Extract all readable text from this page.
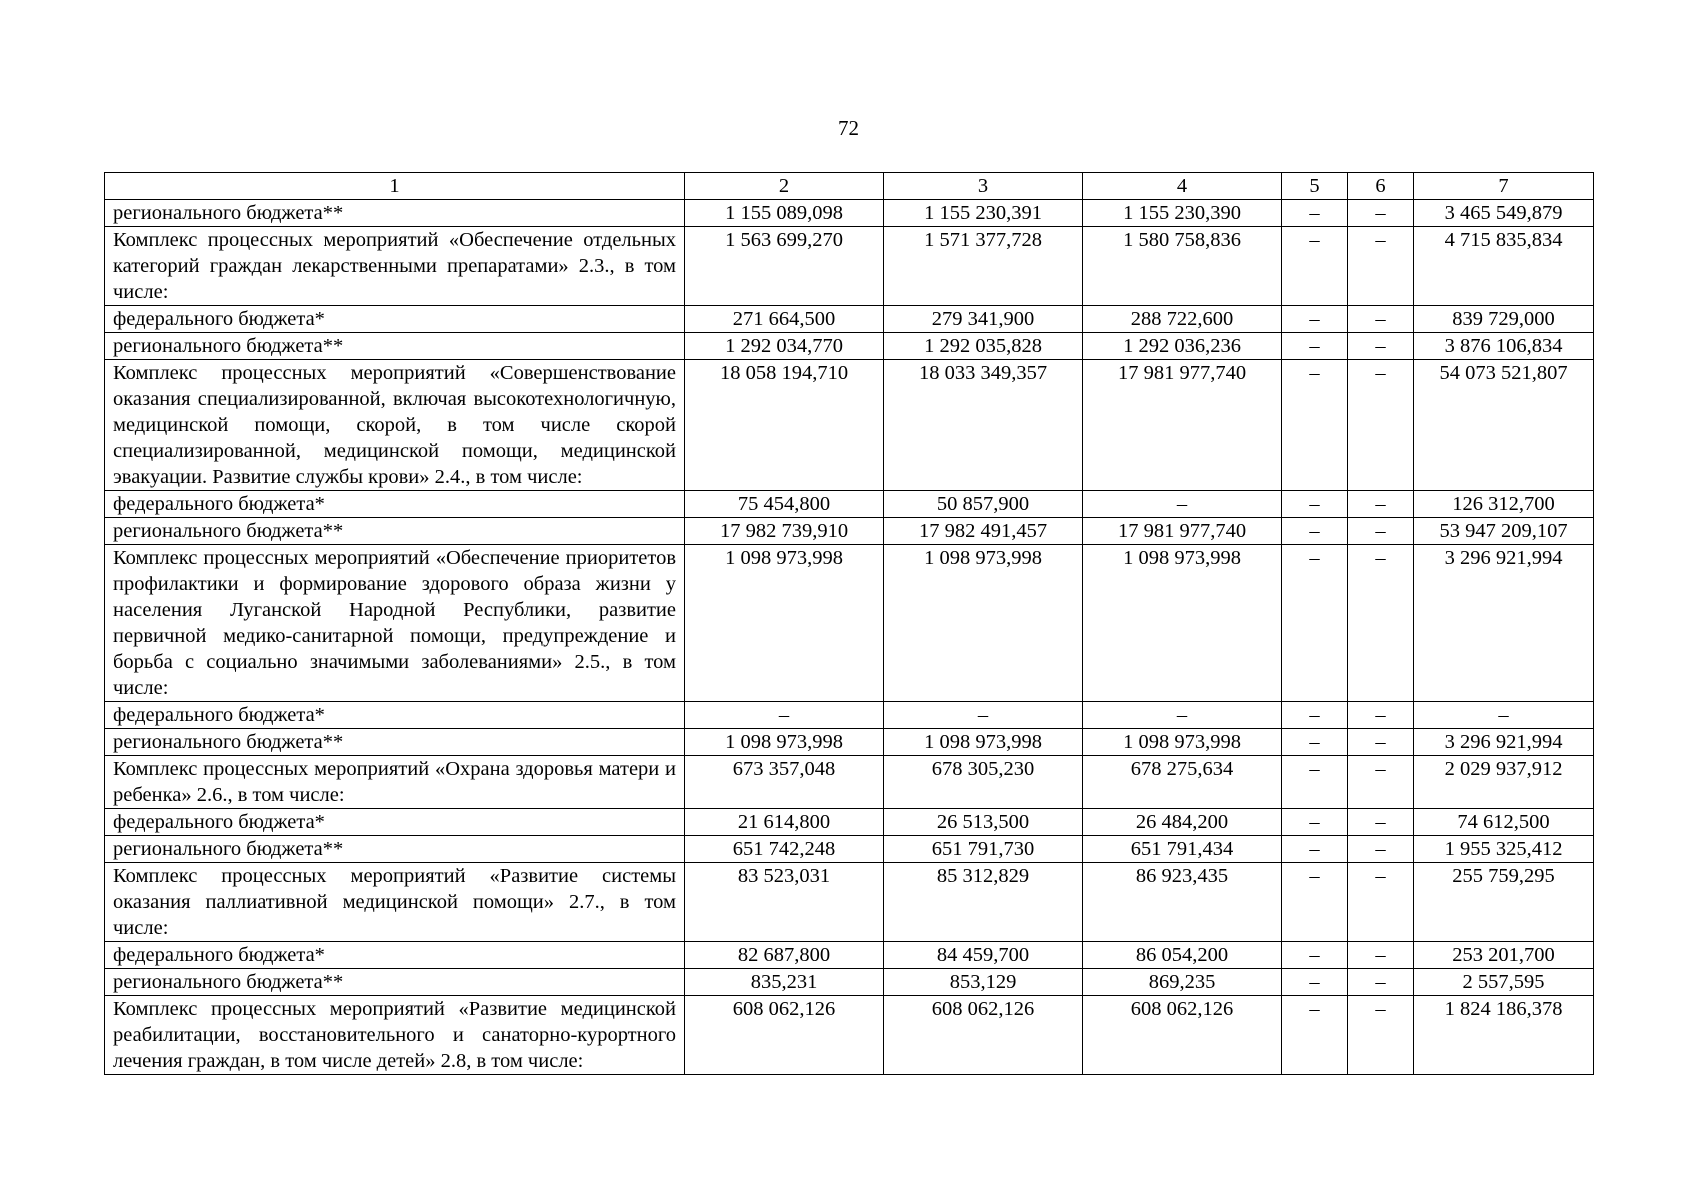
72
1	2	3	4	5	6	7
регионального бюджета**	1 155 089,098	1 155 230,391	1 155 230,390	–	–	3 465 549,879
Комплекс процессных мероприятий «Обеспечение отдельных категорий граждан лекарственными препаратами» 2.3., в том числе:	1 563 699,270	1 571 377,728	1 580 758,836	–	–	4 715 835,834
федерального бюджета*	271 664,500	279 341,900	288 722,600	–	–	839 729,000
регионального бюджета**	1 292 034,770	1 292 035,828	1 292 036,236	–	–	3 876 106,834
Комплекс процессных мероприятий «Совершенствование оказания специализированной, включая высокотехнологичную, медицинской помощи, скорой, в том числе скорой специализированной, медицинской помощи, медицинской эвакуации. Развитие службы крови» 2.4., в том числе:	18 058 194,710	18 033 349,357	17 981 977,740	–	–	54 073 521,807
федерального бюджета*	75 454,800	50 857,900	–	–	–	126 312,700
регионального бюджета**	17 982 739,910	17 982 491,457	17 981 977,740	–	–	53 947 209,107
Комплекс процессных мероприятий «Обеспечение приоритетов профилактики и формирование здорового образа жизни у населения Луганской Народной Республики, развитие первичной медико-санитарной помощи, предупреждение и борьба с социально значимыми заболеваниями» 2.5., в том числе:	1 098 973,998	1 098 973,998	1 098 973,998	–	–	3 296 921,994
федерального бюджета*	–	–	–	–	–	–
регионального бюджета**	1 098 973,998	1 098 973,998	1 098 973,998	–	–	3 296 921,994
Комплекс процессных мероприятий «Охрана здоровья матери и ребенка» 2.6., в том числе:	673 357,048	678 305,230	678 275,634	–	–	2 029 937,912
федерального бюджета*	21 614,800	26 513,500	26 484,200	–	–	74 612,500
регионального бюджета**	651 742,248	651 791,730	651 791,434	–	–	1 955 325,412
Комплекс процессных мероприятий «Развитие системы оказания паллиативной медицинской помощи» 2.7., в том числе:	83 523,031	85 312,829	86 923,435	–	–	255 759,295
федерального бюджета*	82 687,800	84 459,700	86 054,200	–	–	253 201,700
регионального бюджета**	835,231	853,129	869,235	–	–	2 557,595
Комплекс процессных мероприятий «Развитие медицинской реабилитации, восстановительного и санаторно-курортного лечения граждан, в том числе детей» 2.8, в том числе:	608 062,126	608 062,126	608 062,126	–	–	1 824 186,378
